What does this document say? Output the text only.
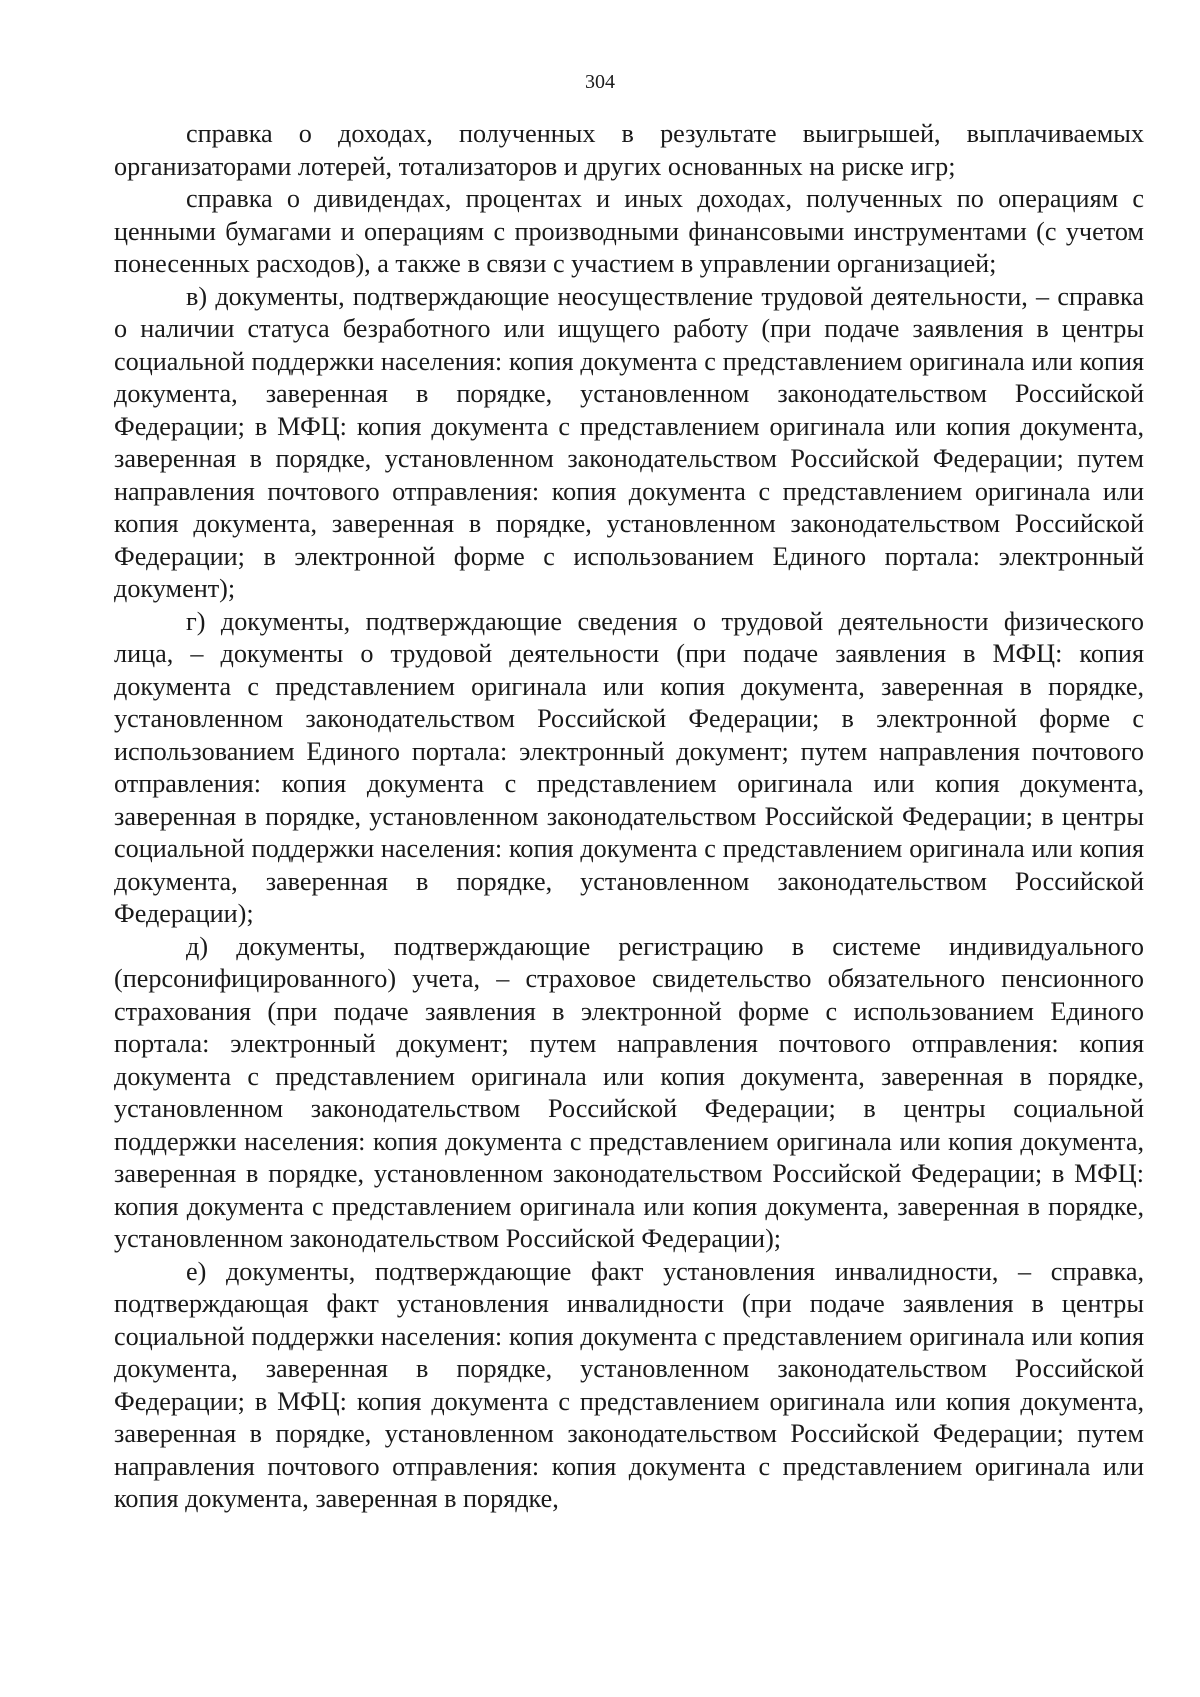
304

справка о доходах, полученных в результате выигрышей, выплачиваемых организаторами лотерей, тотализаторов и других основанных на риске игр;

справка о дивидендах, процентах и иных доходах, полученных по операциям с ценными бумагами и операциям с производными финансовыми инструментами (с учетом понесенных расходов), а также в связи с участием в управлении организацией;

в) документы, подтверждающие неосуществление трудовой деятельности, – справка о наличии статуса безработного или ищущего работу (при подаче заявления в центры социальной поддержки населения: копия документа с представлением оригинала или копия документа, заверенная в порядке, установленном законодательством Российской Федерации; в МФЦ: копия документа с представлением оригинала или копия документа, заверенная в порядке, установленном законодательством Российской Федерации; путем направления почтового отправления: копия документа с представлением оригинала или копия документа, заверенная в порядке, установленном законодательством Российской Федерации; в электронной форме с использованием Единого портала: электронный документ);

г) документы, подтверждающие сведения о трудовой деятельности физического лица, – документы о трудовой деятельности (при подаче заявления в МФЦ: копия документа с представлением оригинала или копия документа, заверенная в порядке, установленном законодательством Российской Федерации; в электронной форме с использованием Единого портала: электронный документ; путем направления почтового отправления: копия документа с представлением оригинала или копия документа, заверенная в порядке, установленном законодательством Российской Федерации; в центры социальной поддержки населения: копия документа с представлением оригинала или копия документа, заверенная в порядке, установленном законодательством Российской Федерации);

д) документы, подтверждающие регистрацию в системе индивидуального (персонифицированного) учета, – страховое свидетельство обязательного пенсионного страхования (при подаче заявления в электронной форме с использованием Единого портала: электронный документ; путем направления почтового отправления: копия документа с представлением оригинала или копия документа, заверенная в порядке, установленном законодательством Российской Федерации; в центры социальной поддержки населения: копия документа с представлением оригинала или копия документа, заверенная в порядке, установленном законодательством Российской Федерации; в МФЦ: копия документа с представлением оригинала или копия документа, заверенная в порядке, установленном законодательством Российской Федерации);

е) документы, подтверждающие факт установления инвалидности, – справка, подтверждающая факт установления инвалидности (при подаче заявления в центры социальной поддержки населения: копия документа с представлением оригинала или копия документа, заверенная в порядке, установленном законодательством Российской Федерации; в МФЦ: копия документа с представлением оригинала или копия документа, заверенная в порядке, установленном законодательством Российской Федерации; путем направления почтового отправления: копия документа с представлением оригинала или копия документа, заверенная в порядке,
